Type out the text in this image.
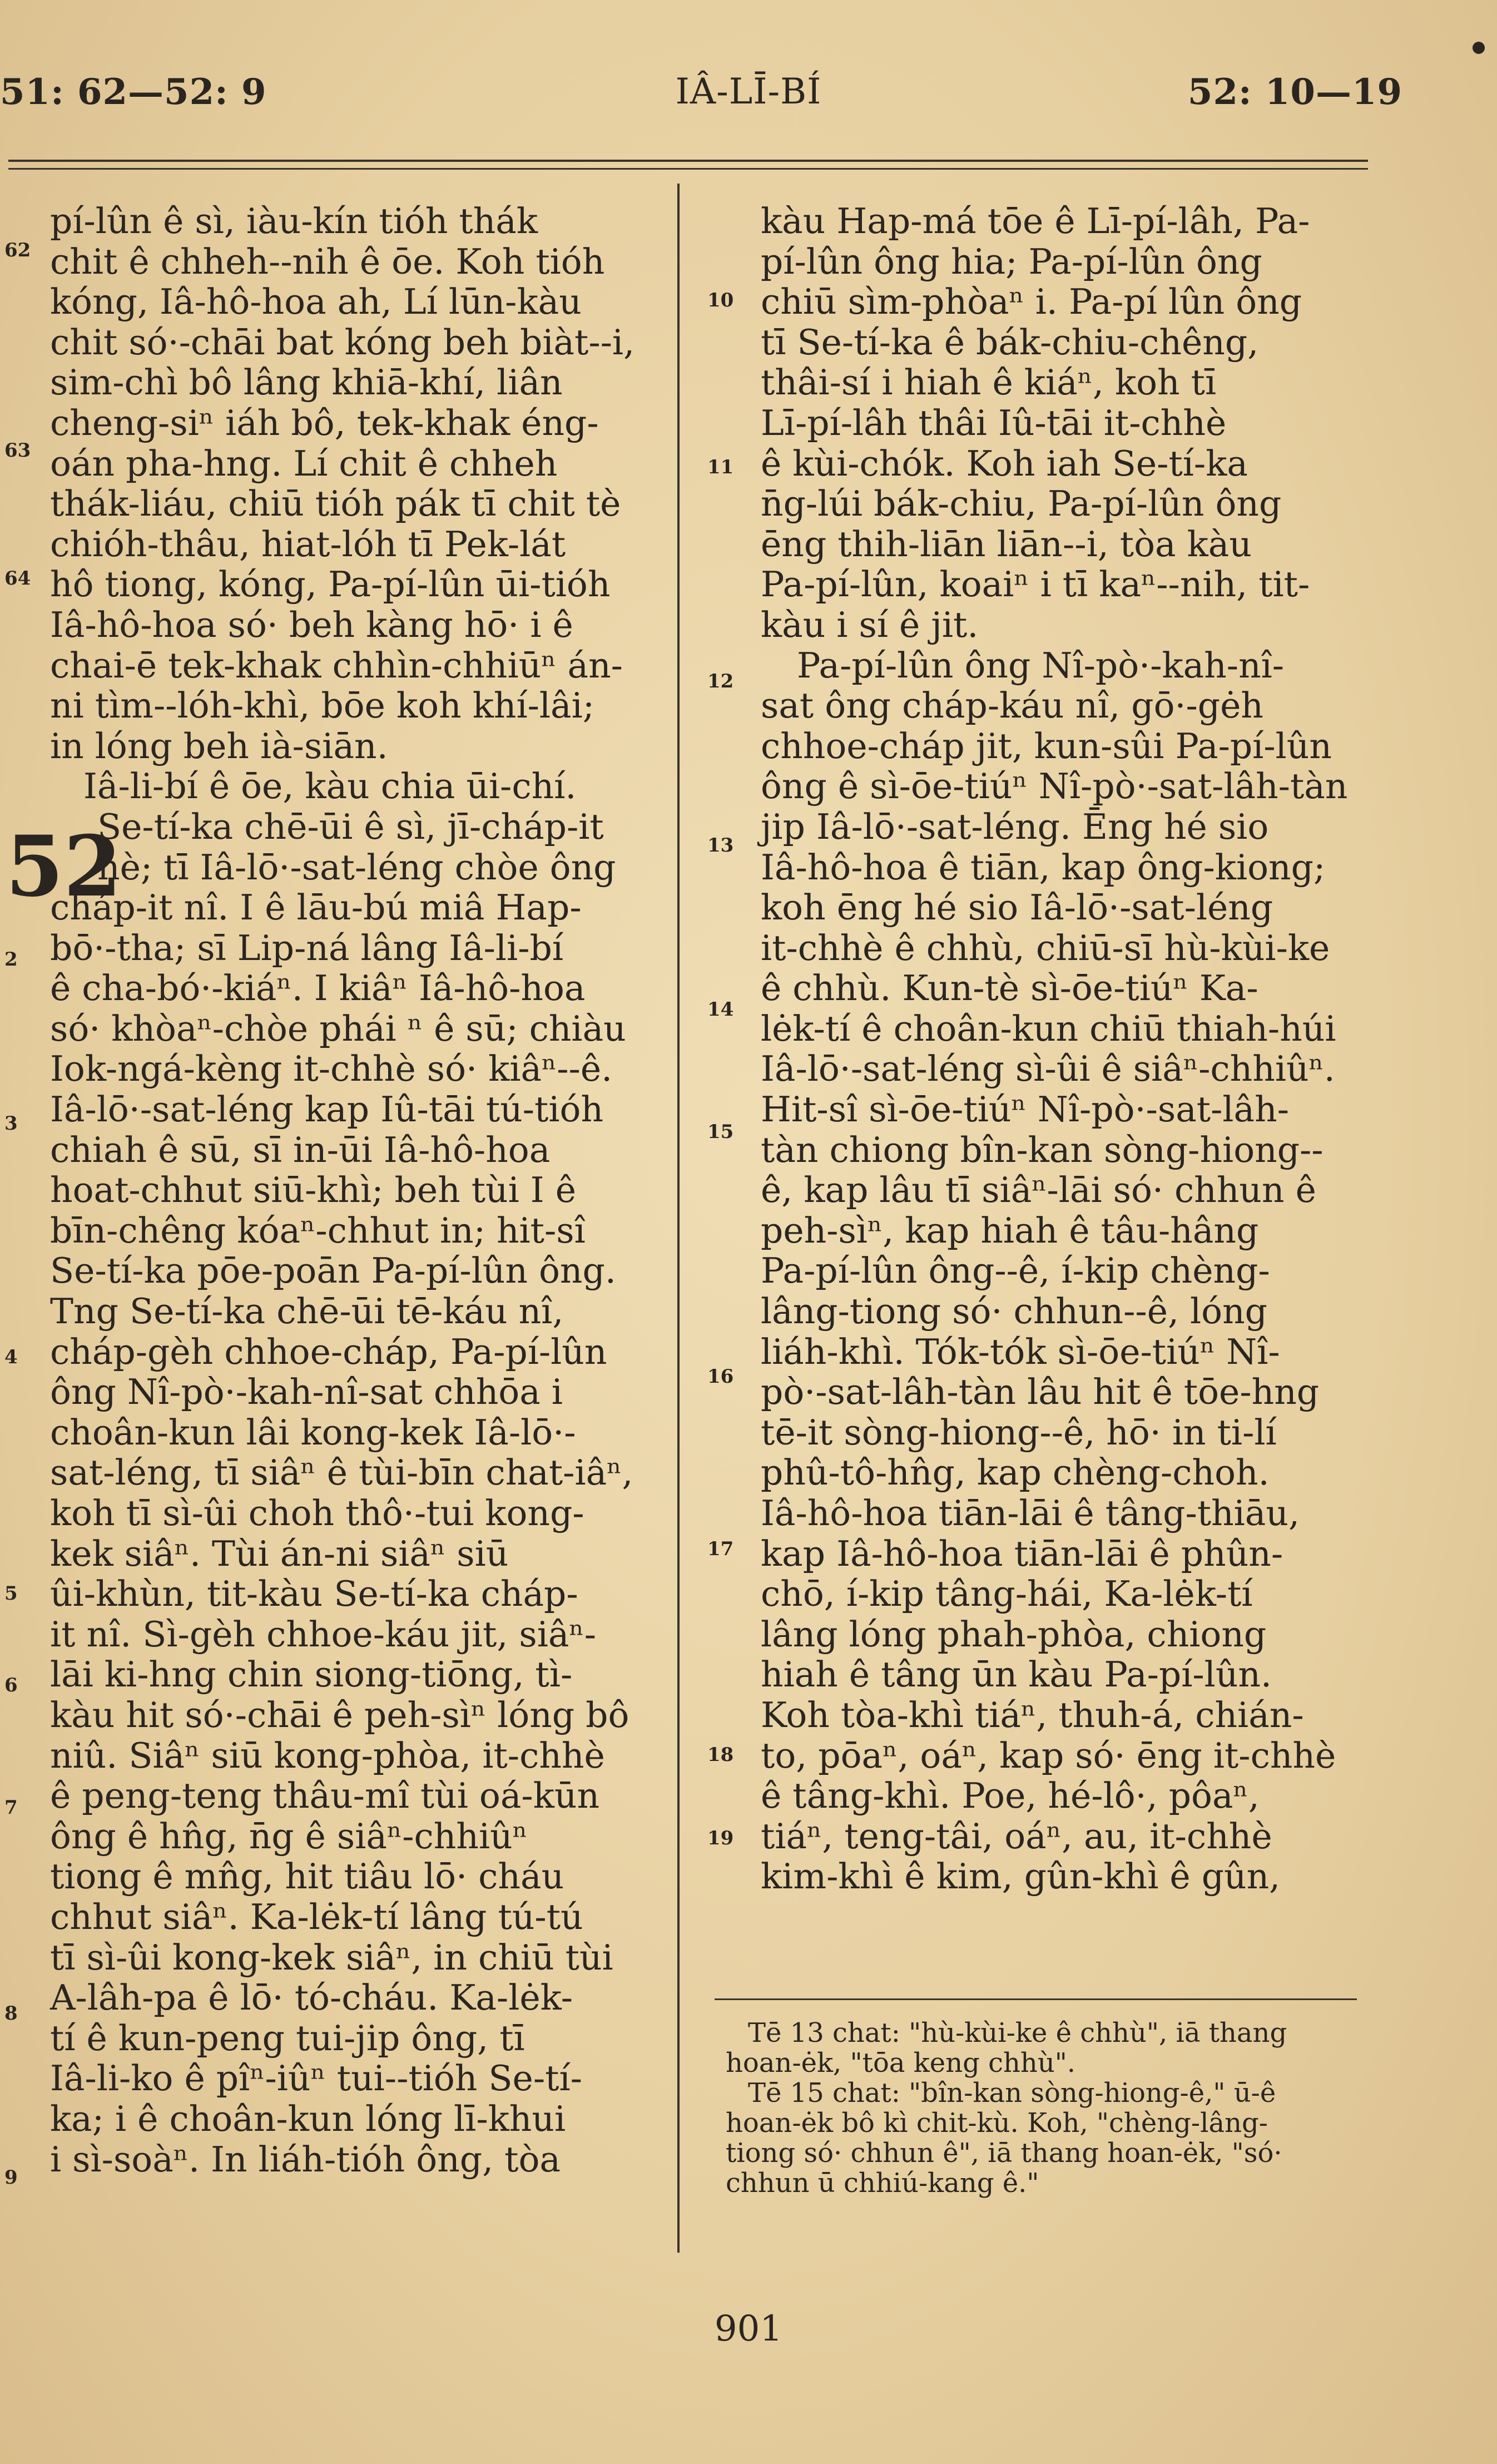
51: 62—52: 9	IÂ-LĪ-BÍ	52: 10—19
pí-lûn ê sì, iàu-kín tióh thák
chit ê chheh--nih ê ōe. Koh tióh
kóng, Iâ-hô-hoa ah, Lí lūn-kàu
chit só·-chāi bat kóng beh biàt--i,
sim-chì bô lâng khiā-khí, liân
cheng-siⁿ iáh bô, tek-khak éng-
oán pha-hng. Lí chit ê chheh
thák-liáu, chiū tióh pák tī chit tè
chióh-thâu, hiat-lóh tī Pek-lát
hô tiong, kóng, Pa-pí-lûn ūi-tióh
Iâ-hô-hoa só· beh kàng hō· i ê
chai-ē tek-khak chhìn-chhiūⁿ án-
ni tìm--lóh-khì, bōe koh khí-lâi;
in lóng beh ià-siān.
Iâ-li-bí ê ōe, kàu chia ūi-chí.
Se-tí-ka chē-ūi ê sì, jī-cháp-it
hè; tī Iâ-lō·-sat-léng chòe ông
cháp-it nî. I ê lāu-bú miâ Hap-
bō·-tha; sī Lip-ná lâng Iâ-li-bí
ê cha-bó·-kiáⁿ. I kiâⁿ Iâ-hô-hoa
só· khòaⁿ-chòe phái ⁿ ê sū; chiàu
Iok-ngá-kèng it-chhè só· kiâⁿ--ê.
Iâ-lō·-sat-léng kap Iû-tāi tú-tióh
chiah ê sū, sī in-ūi Iâ-hô-hoa
hoat-chhut siū-khì; beh tùi I ê
bīn-chêng kóaⁿ-chhut in; hit-sî
Se-tí-ka pōe-poān Pa-pí-lûn ông.
Tng Se-tí-ka chē-ūi tē-káu nî,
cháp-gèh chhoe-cháp, Pa-pí-lûn
ông Nî-pò·-kah-nî-sat chhōa i
choân-kun lâi kong-kek Iâ-lō·-
sat-léng, tī siâⁿ ê tùi-bīn chat-iâⁿ,
koh tī sì-ûi choh thô·-tui kong-
kek siâⁿ. Tùi án-ni siâⁿ siū
ûi-khùn, tit-kàu Se-tí-ka cháp-
it nî. Sì-gèh chhoe-káu jit, siâⁿ-
lāi ki-hng chin siong-tiōng, tì-
kàu hit só·-chāi ê peh-sìⁿ lóng bô
niû. Siâⁿ siū kong-phòa, it-chhè
ê peng-teng thâu-mî tùi oá-kūn
ông ê hn̂g, n̄g ê siâⁿ-chhiûⁿ
tiong ê mn̂g, hit tiâu lō· cháu
chhut siâⁿ. Ka-lėk-tí lâng tú-tú
tī sì-ûi kong-kek siâⁿ, in chiū tùi
A-lâh-pa ê lō· tó-cháu. Ka-lėk-
tí ê kun-peng tui-jip ông, tī
Iâ-li-ko ê pîⁿ-iûⁿ tui--tióh Se-tí-
ka; i ê choân-kun lóng lī-khui
i sì-soàⁿ. In liáh-tióh ông, tòa
52
kàu Hap-má tōe ê Lī-pí-lâh, Pa-
pí-lûn ông hia; Pa-pí-lûn ông
chiū sìm-phòaⁿ i. Pa-pí lûn ông
tī Se-tí-ka ê bák-chiu-chêng,
thâi-sí i hiah ê kiáⁿ, koh tī
Lī-pí-lâh thâi Iû-tāi it-chhè
ê kùi-chók. Koh iah Se-tí-ka
n̄g-lúi bák-chiu, Pa-pí-lûn ông
ēng thih-liān liān--i, tòa kàu
Pa-pí-lûn, koaiⁿ i tī kaⁿ--nih, tit-
kàu i sí ê jit.
Pa-pí-lûn ông Nî-pò·-kah-nî-
sat ông cháp-káu nî, gō·-gėh
chhoe-cháp jit, kun-sûi Pa-pí-lûn
ông ê sì-ōe-tiúⁿ Nî-pò·-sat-lâh-tàn
jip Iâ-lō·-sat-léng. Ēng hé sio
Iâ-hô-hoa ê tiān, kap ông-kiong;
koh ēng hé sio Iâ-lō·-sat-léng
it-chhè ê chhù, chiū-sī hù-kùi-ke
ê chhù. Kun-tè sì-ōe-tiúⁿ Ka-
lėk-tí ê choân-kun chiū thiah-húi
Iâ-lō·-sat-léng sì-ûi ê siâⁿ-chhiûⁿ.
Hit-sî sì-ōe-tiúⁿ Nî-pò·-sat-lâh-
tàn chiong bîn-kan sòng-hiong--
ê, kap lâu tī siâⁿ-lāi só· chhun ê
peh-sìⁿ, kap hiah ê tâu-hâng
Pa-pí-lûn ông--ê, í-kip chèng-
lâng-tiong só· chhun--ê, lóng
liáh-khì. Tók-tók sì-ōe-tiúⁿ Nî-
pò·-sat-lâh-tàn lâu hit ê tōe-hng
tē-it sòng-hiong--ê, hō· in ti-lí
phû-tô-hn̂g, kap chèng-choh.
Iâ-hô-hoa tiān-lāi ê tâng-thiāu,
kap Iâ-hô-hoa tiān-lāi ê phûn-
chō, í-kip tâng-hái, Ka-lėk-tí
lâng lóng phah-phòa, chiong
hiah ê tâng ūn kàu Pa-pí-lûn.
Koh tòa-khì tiáⁿ, thuh-á, chián-
to, pōaⁿ, oáⁿ, kap só· ēng it-chhè
ê tâng-khì. Poe, hé-lô·, pôaⁿ,
tiáⁿ, teng-tâi, oáⁿ, au, it-chhè
kim-khì ê kim, gûn-khì ê gûn,
Tē 13 chat: "hù-kùi-ke ê chhù", iā thang
hoan-ėk, "tōa keng chhù".
Tē 15 chat: "bîn-kan sòng-hiong-ê," ū-ê
hoan-ėk bô kì chit-kù. Koh, "chèng-lâng-
tiong só· chhun ê", iā thang hoan-ėk, "só·
chhun ū chhiú-kang ê."
901
62
63
64
2
3
4
5
6
7
8
9
10
11
12
13
14
15
16
17
18
19
